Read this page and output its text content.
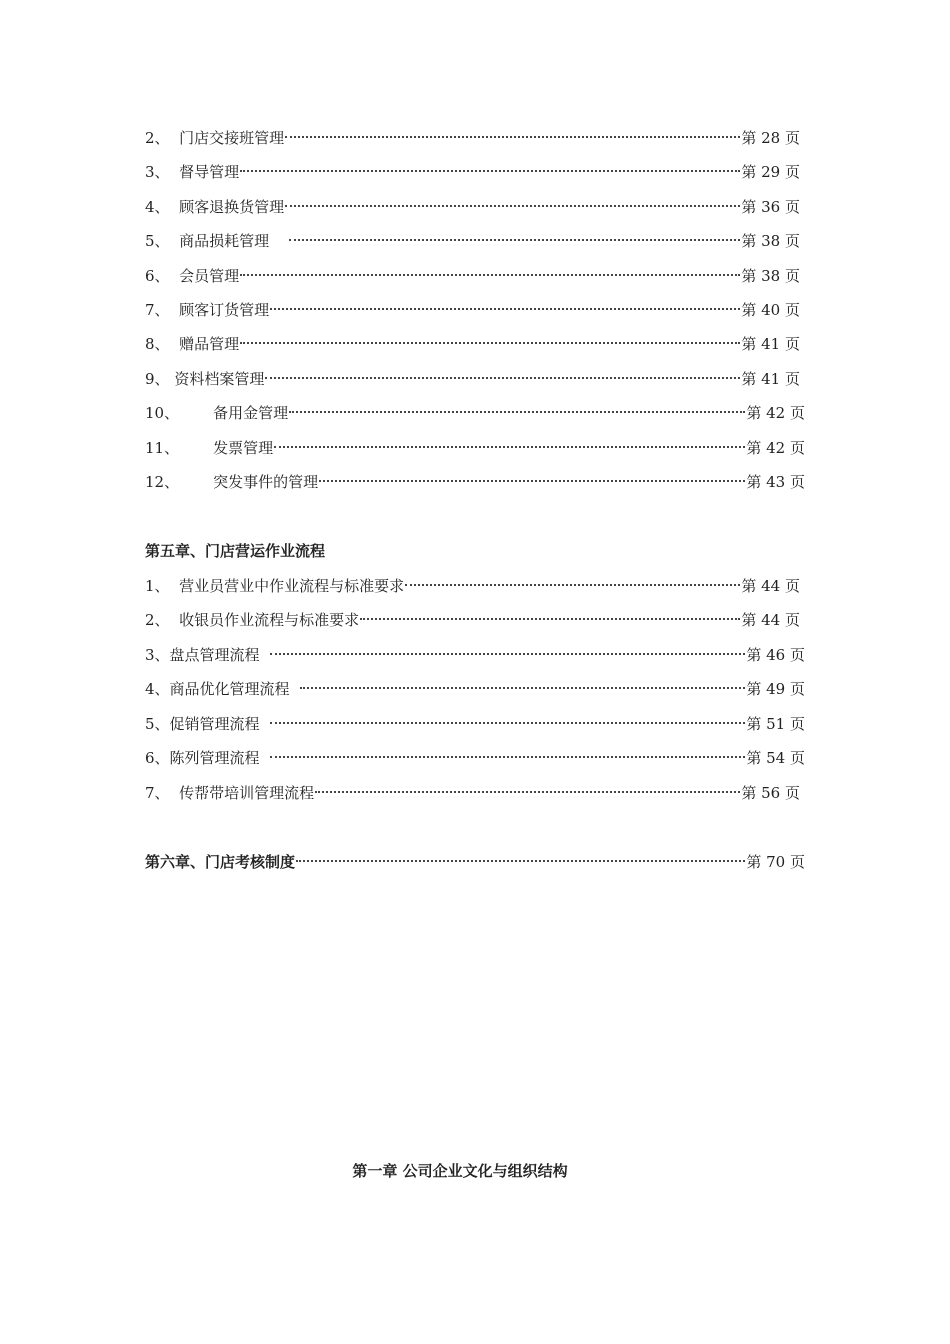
2、 门店交接班管理	第 28 页
3、 督导管理	第 29 页
4、 顾客退换货管理	第 36 页
5、 商品损耗管理	第 38 页
6、 会员管理	第 38 页
7、 顾客订货管理	第 40 页
8、 赠品管理	第 41 页
9、 资料档案管理	第 41 页
10、 备用金管理	第 42 页
11、 发票管理	第 42 页
12、 突发事件的管理	第 43 页
第五章、门店营运作业流程
1、 营业员营业中作业流程与标准要求	第 44 页
2、 收银员作业流程与标准要求	第 44 页
3、盘点管理流程	第 46 页
4、商品优化管理流程	第 49 页
5、促销管理流程	第 51 页
6、陈列管理流程	第 54 页
7、 传帮带培训管理流程	第 56 页
第六章、门店考核制度	第 70 页
第一章 公司企业文化与组织结构
